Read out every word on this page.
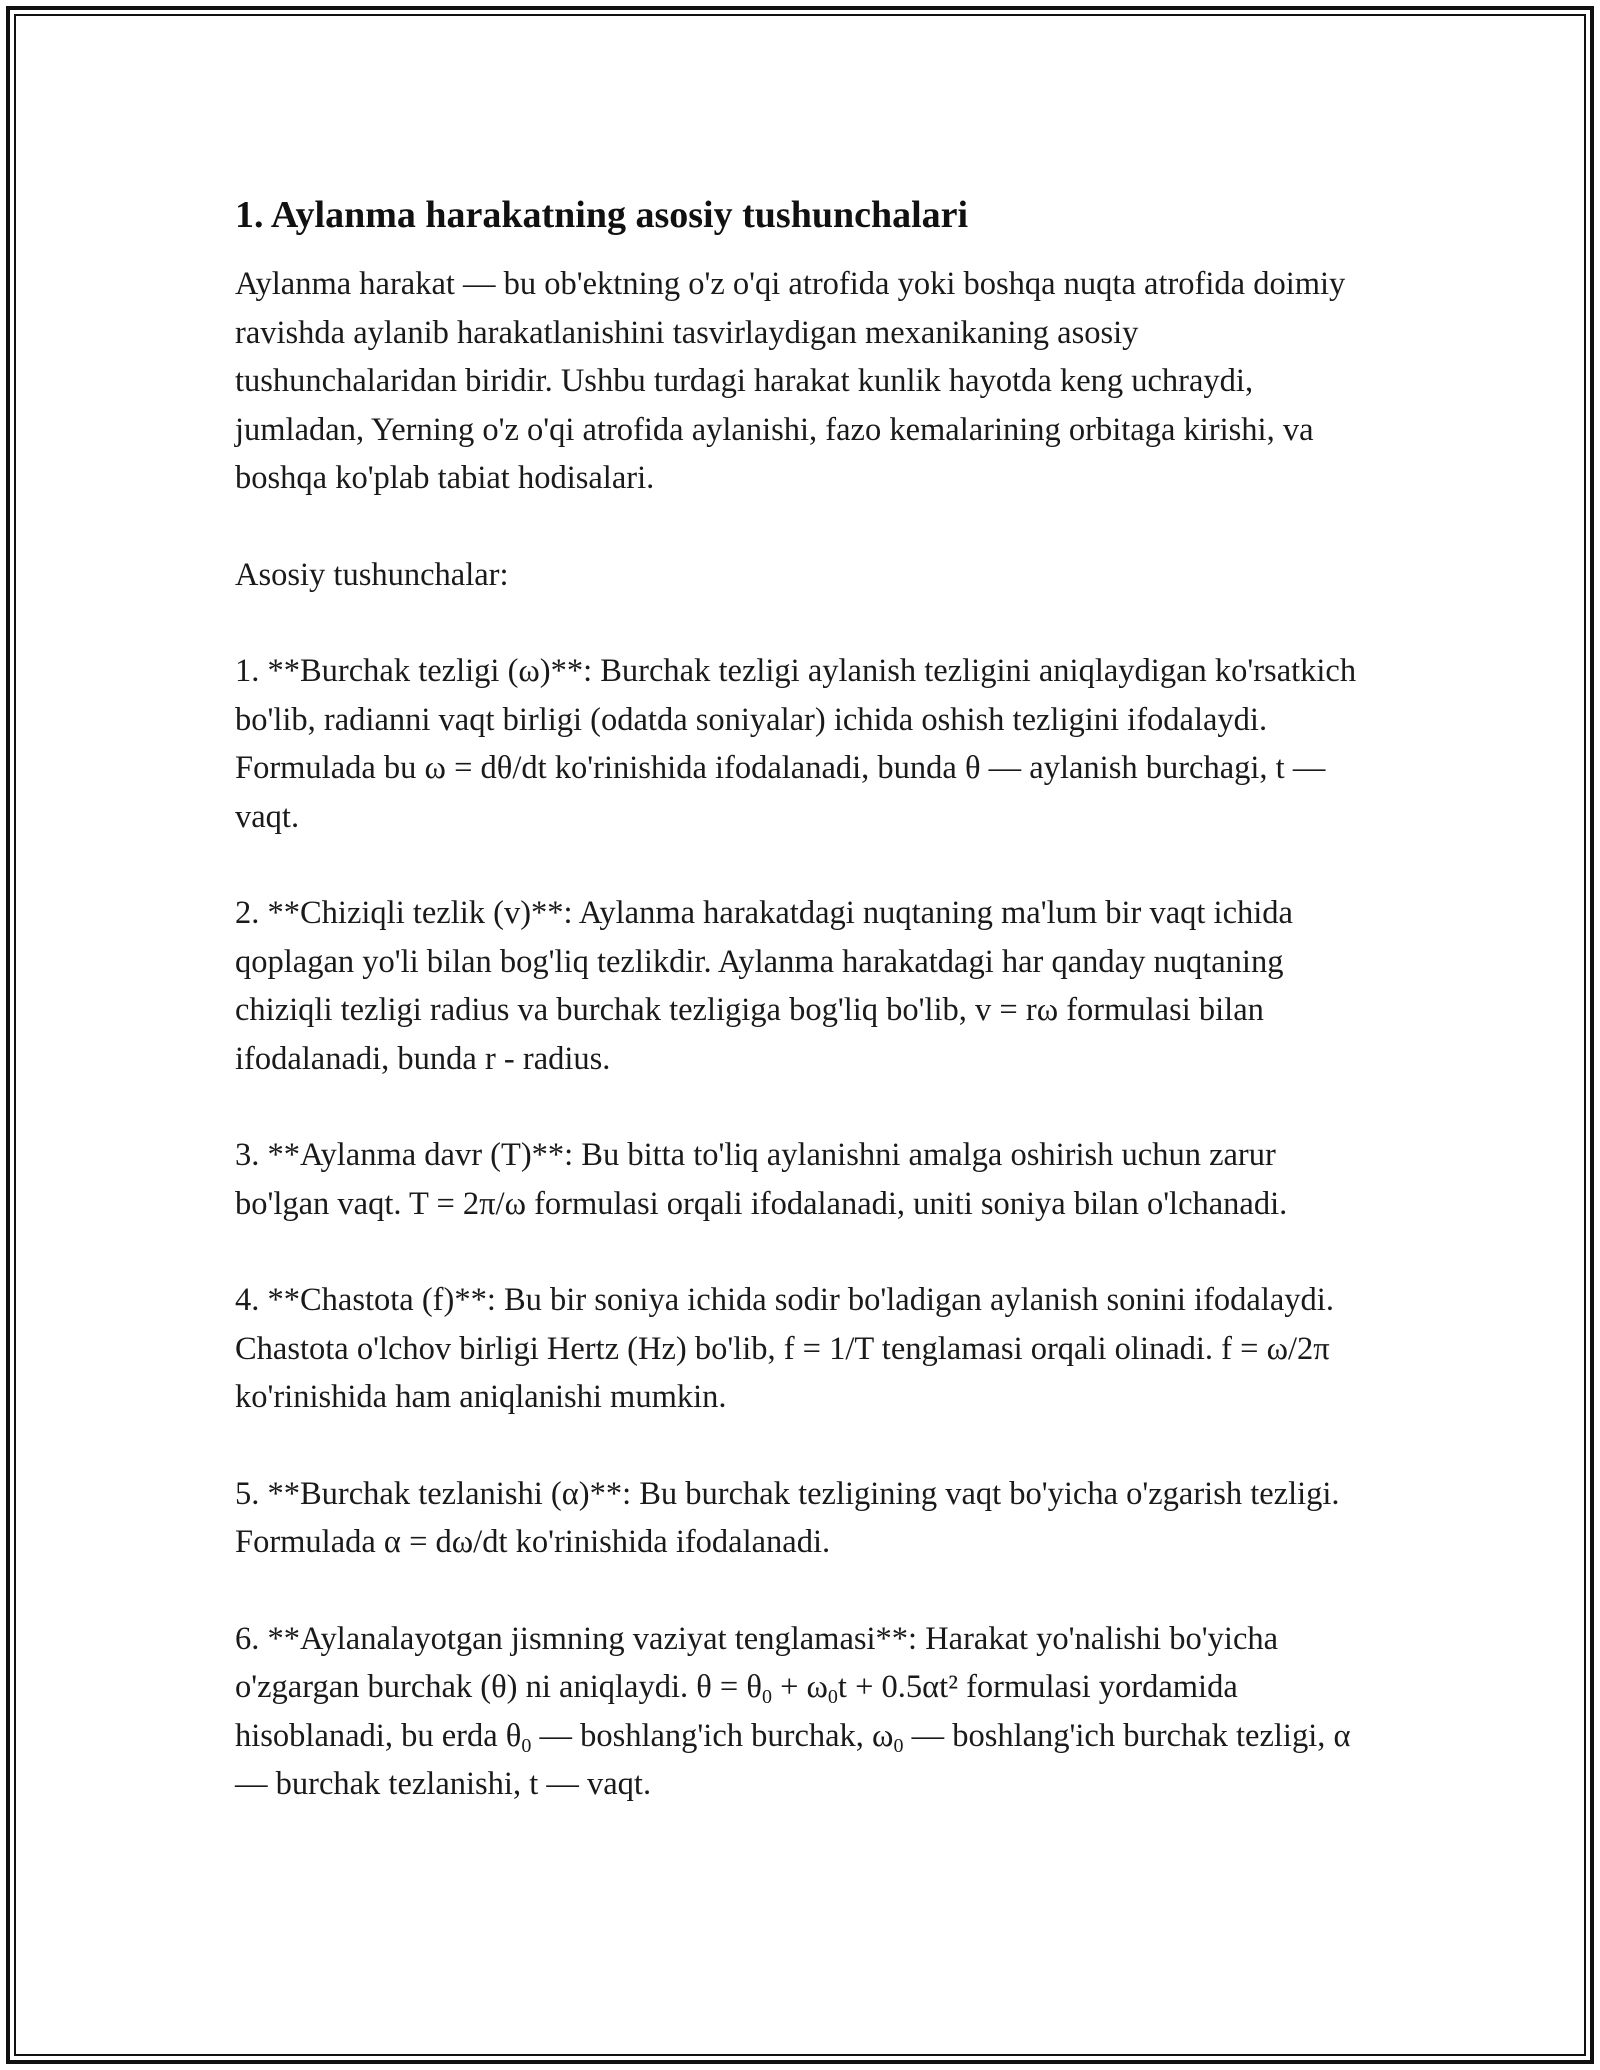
1. Aylanma harakatning asosiy tushunchalari

Aylanma harakat — bu ob'ektning o'z o'qi atrofida yoki boshqa nuqta atrofida doimiy ravishda aylanib harakatlanishini tasvirlaydigan mexanikaning asosiy tushunchalaridan biridir. Ushbu turdagi harakat kunlik hayotda keng uchraydi, jumladan, Yerning o'z o'qi atrofida aylanishi, fazo kemalarining orbitaga kirishi, va boshqa ko'plab tabiat hodisalari.

Asosiy tushunchalar:

1. **Burchak tezligi (ω)**: Burchak tezligi aylanish tezligini aniqlaydigan ko'rsatkich bo'lib, radianni vaqt birligi (odatda soniyalar) ichida oshish tezligini ifodalaydi. Formulada bu ω = dθ/dt ko'rinishida ifodalanadi, bunda θ — aylanish burchagi, t — vaqt.

2. **Chiziqli tezlik (v)**: Aylanma harakatdagi nuqtaning ma'lum bir vaqt ichida qoplagan yo'li bilan bog'liq tezlikdir. Aylanma harakatdagi har qanday nuqtaning chiziqli tezligi radius va burchak tezligiga bog'liq bo'lib, v = rω formulasi bilan ifodalanadi, bunda r - radius.

3. **Aylanma davr (T)**: Bu bitta to'liq aylanishni amalga oshirish uchun zarur bo'lgan vaqt. T = 2π/ω formulasi orqali ifodalanadi, uniti soniya bilan o'lchanadi.

4. **Chastota (f)**: Bu bir soniya ichida sodir bo'ladigan aylanish sonini ifodalaydi. Chastota o'lchov birligi Hertz (Hz) bo'lib, f = 1/T tenglamasi orqali olinadi. f = ω/2π ko'rinishida ham aniqlanishi mumkin.

5. **Burchak tezlanishi (α)**: Bu burchak tezligining vaqt bo'yicha o'zgarish tezligi. Formulada α = dω/dt ko'rinishida ifodalanadi.

6. **Aylanalayotgan jismning vaziyat tenglamasi**: Harakat yo'nalishi bo'yicha o'zgargan burchak (θ) ni aniqlaydi. $\theta = \theta_0 + \omega_0t + 0.5\alpha t^2$ formulasi yordamida hisoblanadi, bu erda $\theta_0$ — boshlang'ich burchak, $\omega_0$ — boshlang'ich burchak tezligi, α — burchak tezlanishi, t — vaqt.
